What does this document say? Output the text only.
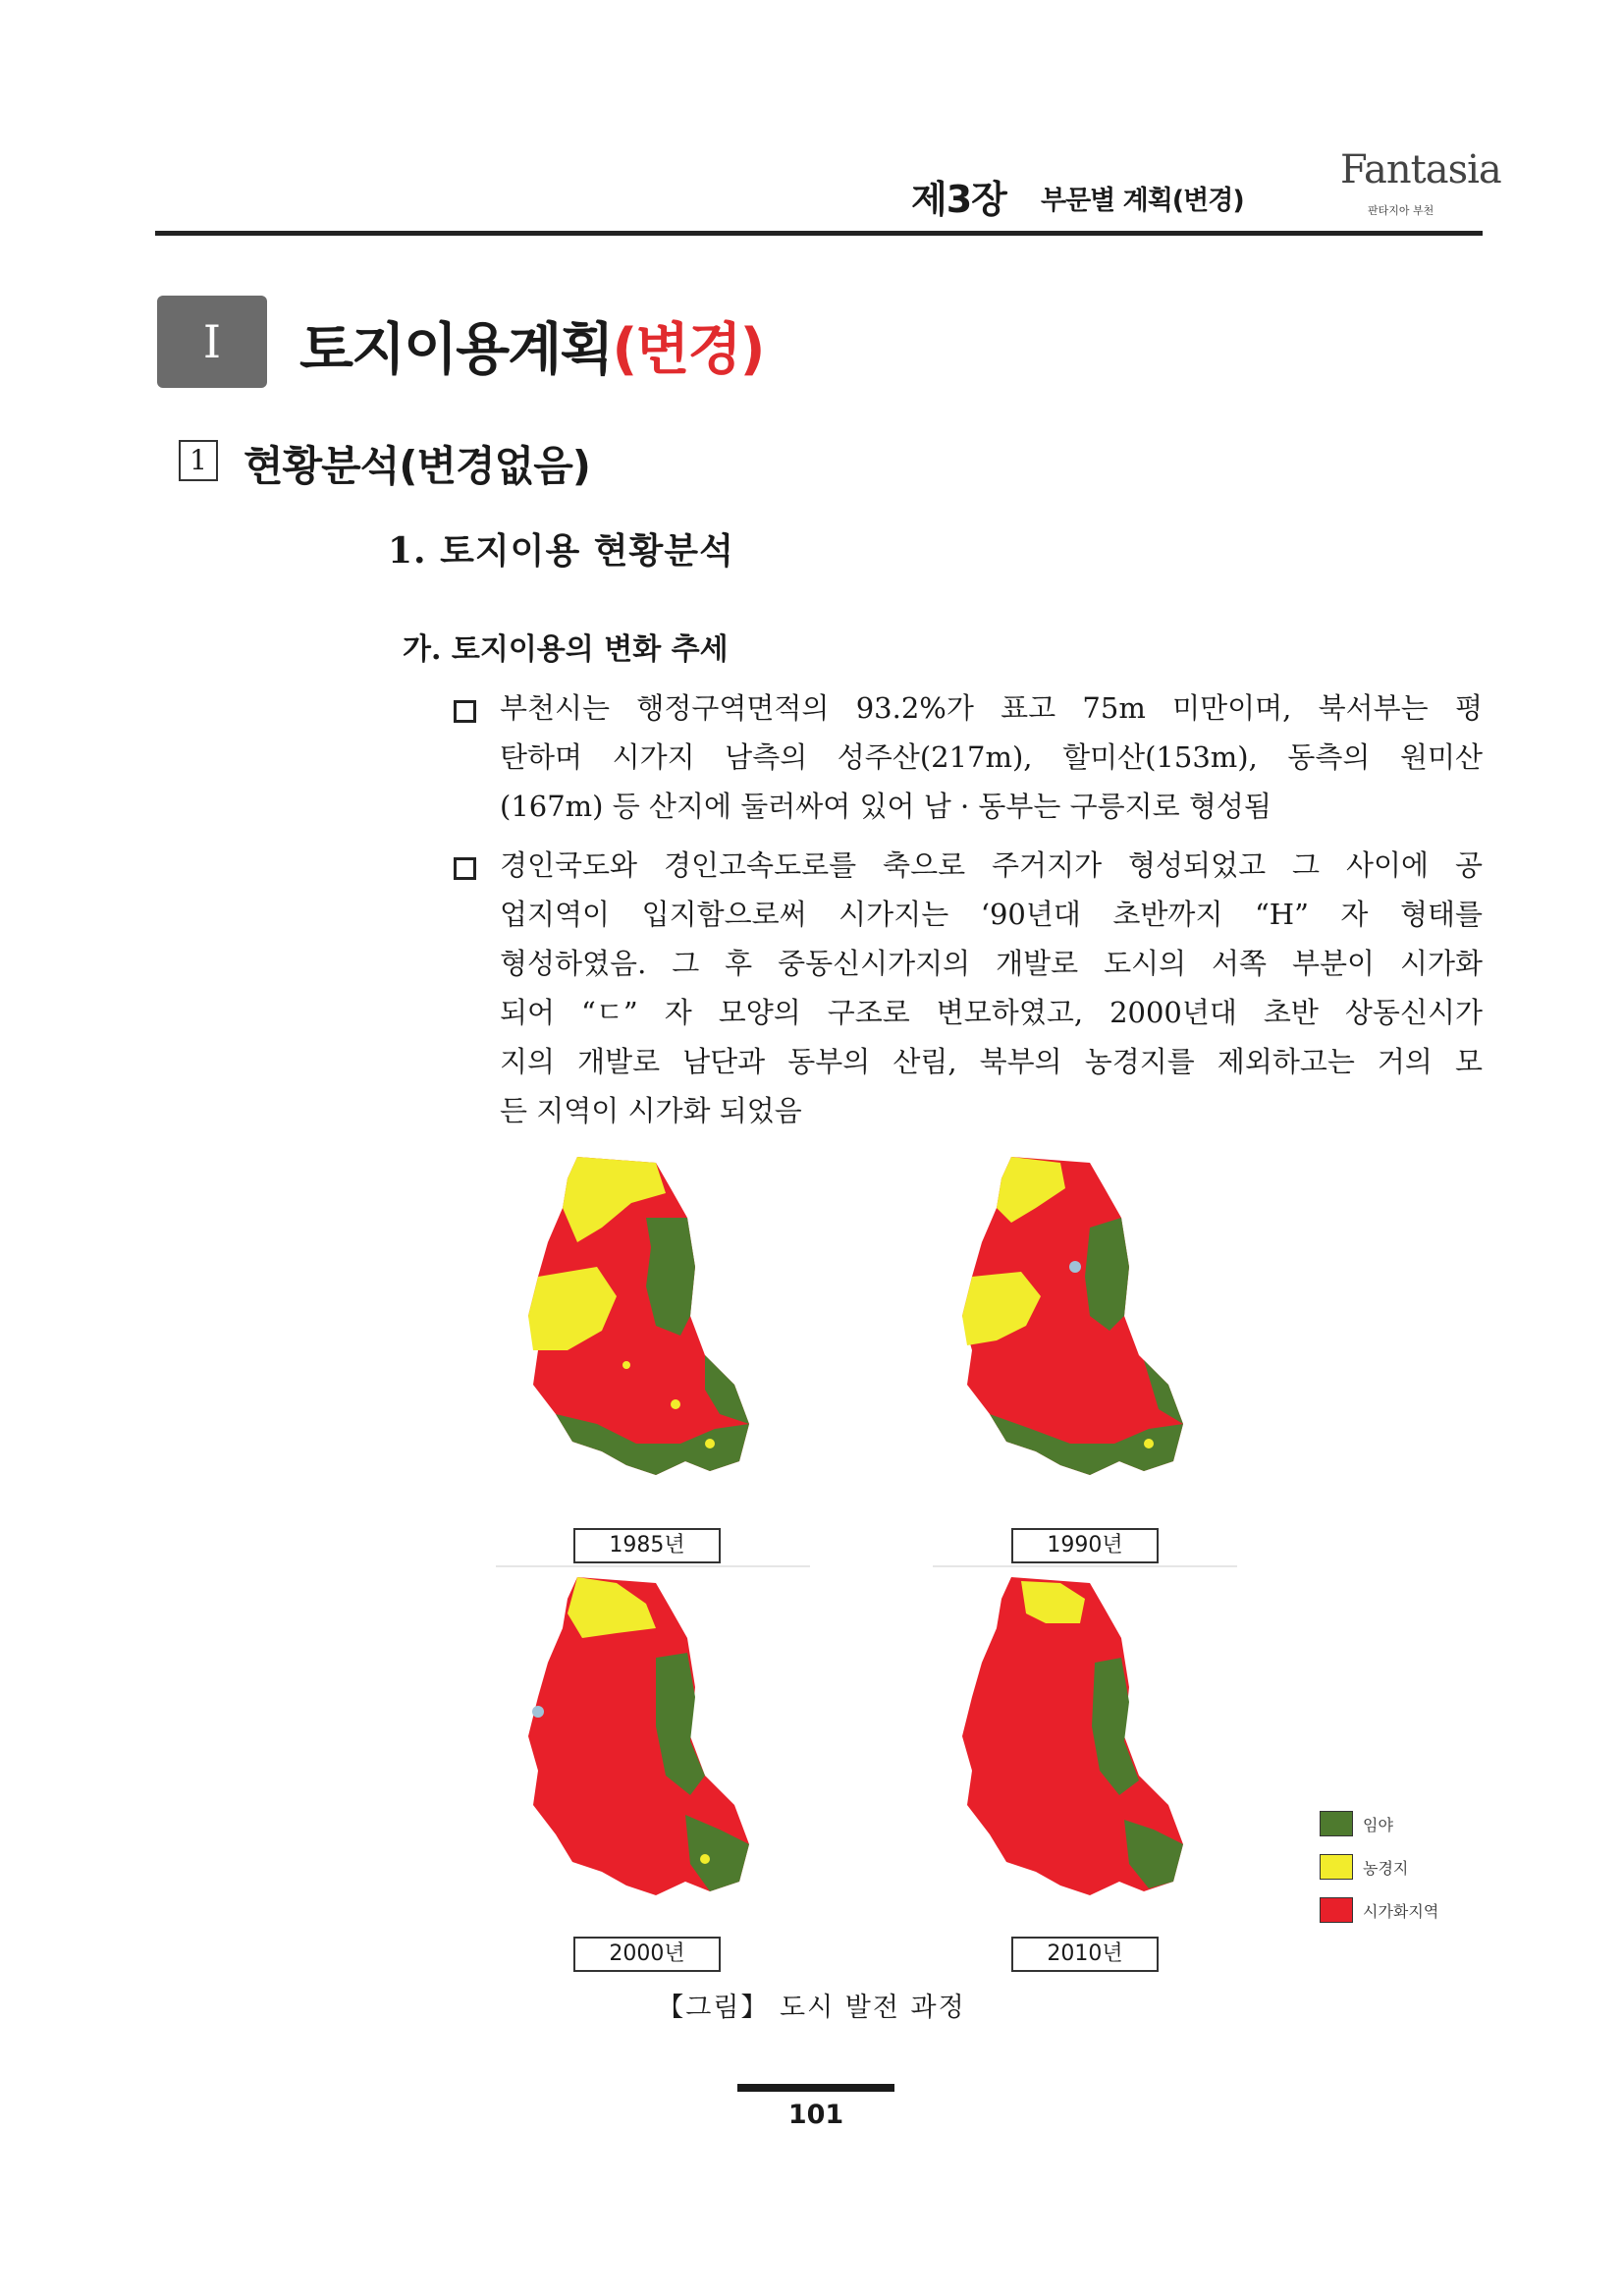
제3장 부문별 계획(변경)
Fantasia
판타지아 부천
I	토지이용계획(변경)
1 현황분석(변경없음)
1. 토지이용 현황분석
가. 토지이용의 변화 추세
부천시는 행정구역면적의 93.2%가 표고 75m 미만이며, 북서부는 평
탄하며 시가지 남측의 성주산(217m), 할미산(153m), 동측의 원미산
(167m) 등 산지에 둘러싸여 있어 남 · 동부는 구릉지로 형성됨
경인국도와 경인고속도로를 축으로 주거지가 형성되었고 그 사이에 공
업지역이 입지함으로써 시가지는 ‘90년대 초반까지 “H” 자 형태를
형성하였음. 그 후 중동신시가지의 개발로 도시의 서쪽 부분이 시가화
되어 “ㄷ” 자 모양의 구조로 변모하였고, 2000년대 초반 상동신시가
지의 개발로 남단과 동부의 산림, 북부의 농경지를 제외하고는 거의 모
든 지역이 시가화 되었음
1985년	1990년
2000년	2010년
임야
농경지
시가화지역
【그림】 도시 발전 과정
101
